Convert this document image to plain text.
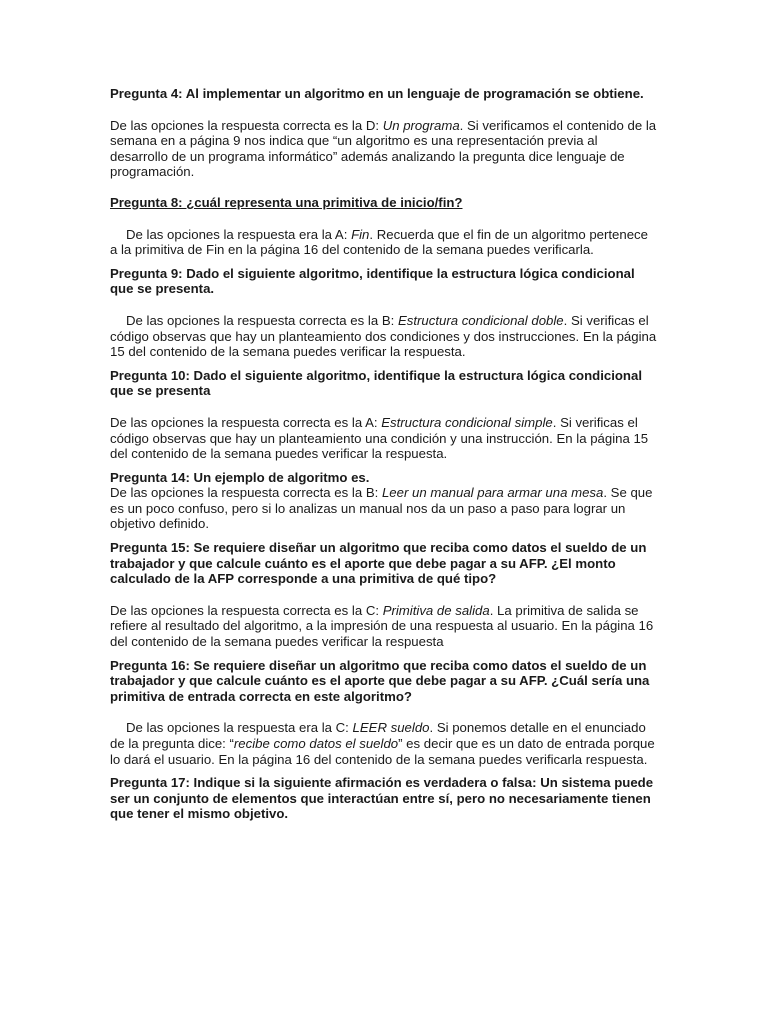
Pregunta 4: Al implementar un algoritmo en un lenguaje de programación se obtiene.

De las opciones la respuesta correcta es la D: Un programa. Si verificamos el contenido de la semana en a página 9 nos indica que “un algoritmo es una representación previa al desarrollo de un programa informático” además analizando la pregunta dice lenguaje de programación.

Pregunta 8: ¿cuál representa una primitiva de inicio/fin?

De las opciones la respuesta era la A: Fin. Recuerda que el fin de un algoritmo pertenece a la primitiva de Fin en la página 16 del contenido de la semana puedes verificarla.

Pregunta 9: Dado el siguiente algoritmo, identifique la estructura lógica condicional que se presenta.

De las opciones la respuesta correcta es la B: Estructura condicional doble. Si verificas el código observas que hay un planteamiento dos condiciones y dos instrucciones. En la página 15 del contenido de la semana puedes verificar la respuesta.

Pregunta 10: Dado el siguiente algoritmo, identifique la estructura lógica condicional que se presenta

De las opciones la respuesta correcta es la A: Estructura condicional simple. Si verificas el código observas que hay un planteamiento una condición y una instrucción. En la página 15 del contenido de la semana puedes verificar la respuesta.

Pregunta 14: Un ejemplo de algoritmo es.

De las opciones la respuesta correcta es la B: Leer un manual para armar una mesa. Se que es un poco confuso, pero si lo analizas un manual nos da un paso a paso para lograr un objetivo definido.

Pregunta 15: Se requiere diseñar un algoritmo que reciba como datos el sueldo de un trabajador y que calcule cuánto es el aporte que debe pagar a su AFP. ¿El monto calculado de la AFP corresponde a una primitiva de qué tipo?

De las opciones la respuesta correcta es la C: Primitiva de salida. La primitiva de salida se refiere al resultado del algoritmo, a la impresión de una respuesta al usuario. En la página 16 del contenido de la semana puedes verificar la respuesta

Pregunta 16: Se requiere diseñar un algoritmo que reciba como datos el sueldo de un trabajador y que calcule cuánto es el aporte que debe pagar a su AFP. ¿Cuál sería una primitiva de entrada correcta en este algoritmo?

De las opciones la respuesta era la C: LEER sueldo. Si ponemos detalle en el enunciado de la pregunta dice: “recibe como datos el sueldo” es decir que es un dato de entrada porque lo dará el usuario. En la página 16 del contenido de la semana puedes verificarla respuesta.

Pregunta 17: Indique si la siguiente afirmación es verdadera o falsa: Un sistema puede ser un conjunto de elementos que interactúan entre sí, pero no necesariamente tienen que tener el mismo objetivo.
